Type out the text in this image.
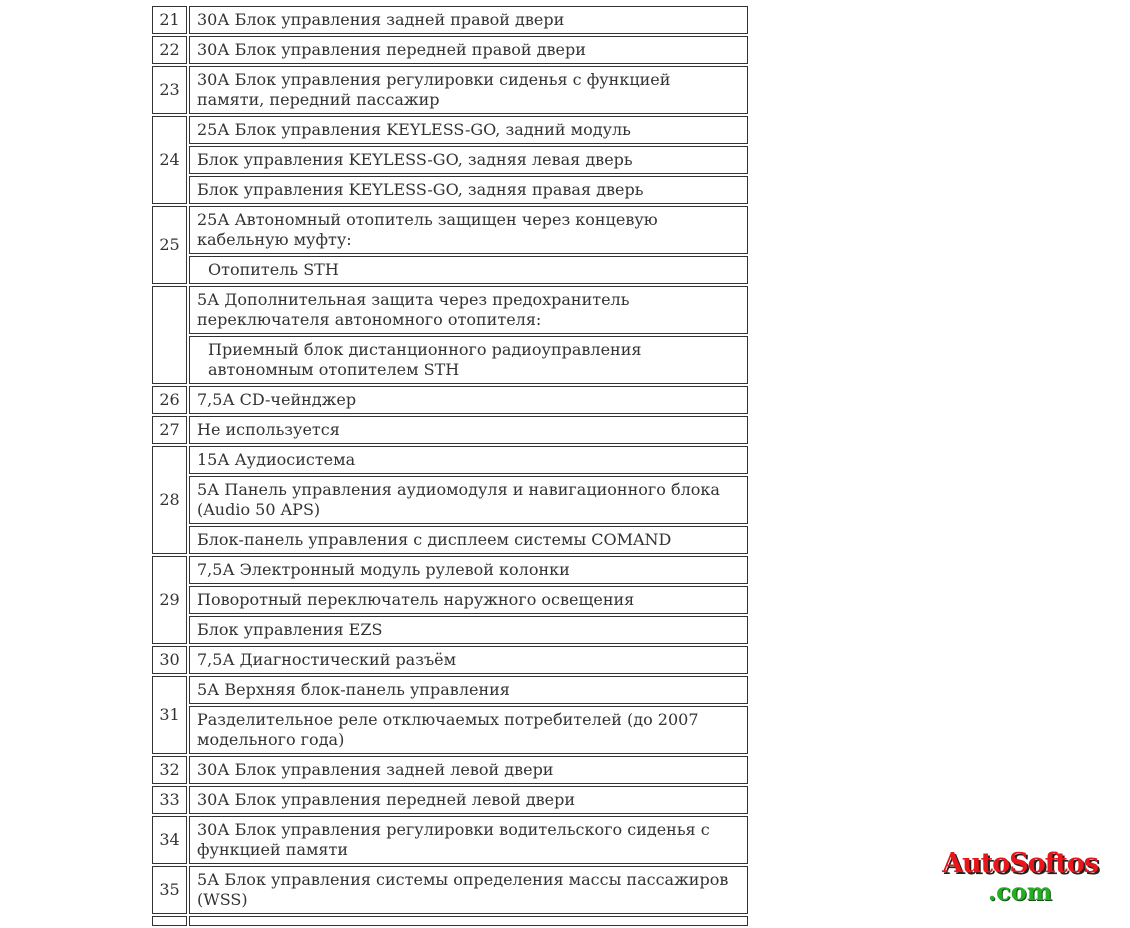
21	30А Блок управления задней правой двери
22	30А Блок управления передней правой двери
23	30А Блок управления регулировки сиденья с функцией памяти, передний пассажир
24	25А Блок управления KEYLESS-GO, задний модуль
	Блок управления KEYLESS-GO, задняя левая дверь
	Блок управления KEYLESS-GO, задняя правая дверь
25	25А Автономный отопитель защищен через концевую кабельную муфту:
	Отопитель STH
	5А Дополнительная защита через предохранитель переключателя автономного отопителя:
	Приемный блок дистанционного радиоуправления автономным отопителем STH
26	7,5А CD-чейнджер
27	Не используется
28	15А Аудиосистема
	5А Панель управления аудиомодуля и навигационного блока (Audio 50 APS)
	Блок-панель управления с дисплеем системы COMAND
29	7,5А Электронный модуль рулевой колонки
	Поворотный переключатель наружного освещения
	Блок управления EZS
30	7,5А Диагностический разъём
31	5А Верхняя блок-панель управления
	Разделительное реле отключаемых потребителей (до 2007 модельного года)
32	30А Блок управления задней левой двери
33	30А Блок управления передней левой двери
34	30А Блок управления регулировки водительского сиденья с функцией памяти
35	5А Блок управления системы определения массы пассажиров (WSS)

AutoSoftos
.com
